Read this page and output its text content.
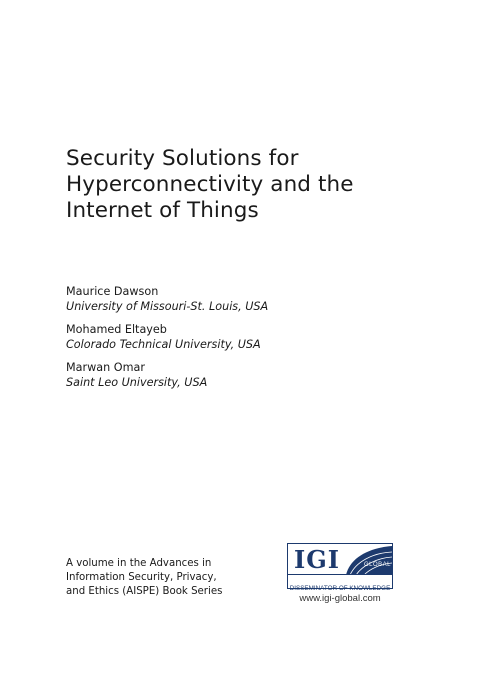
Security Solutions for
Hyperconnectivity and the
Internet of Things
Maurice Dawson
University of Missouri-St. Louis, USA
Mohamed Eltayeb
Colorado Technical University, USA
Marwan Omar
Saint Leo University, USA
A volume in the Advances in
Information Security, Privacy,
and Ethics (AISPE) Book Series
IGI	GLOBAL
DISSEMINATOR OF KNOWLEDGE
www.igi-global.com
